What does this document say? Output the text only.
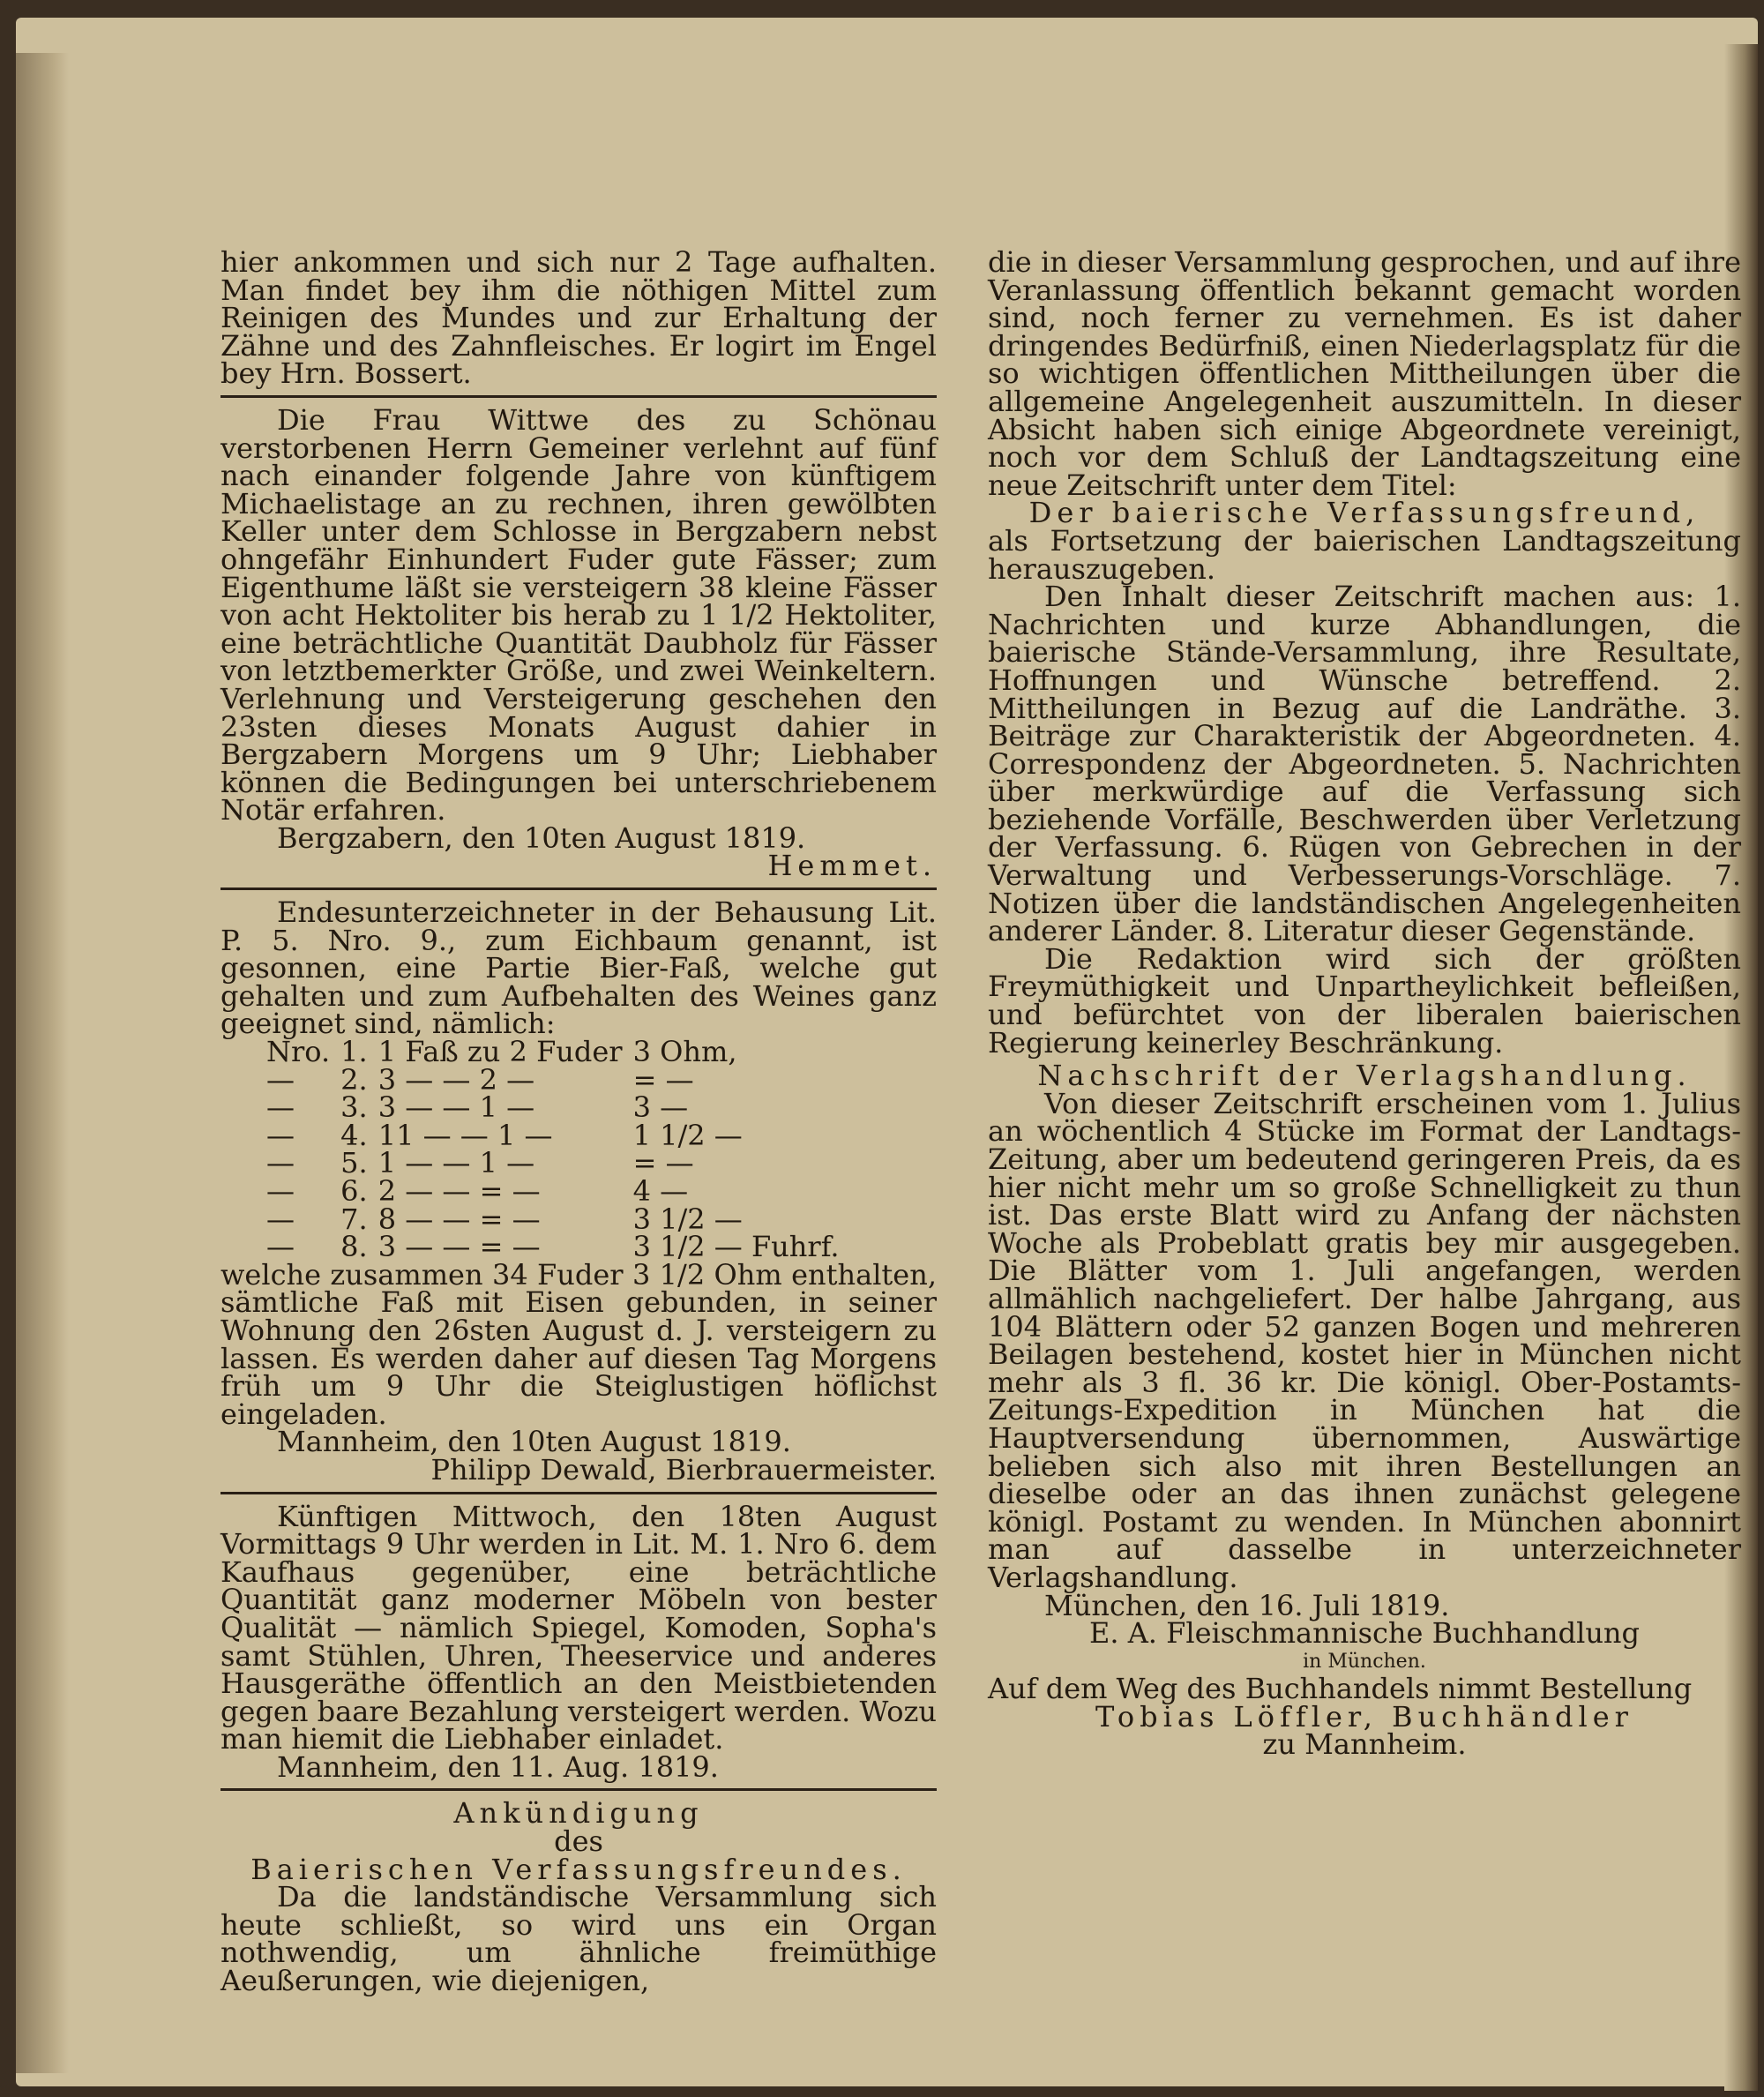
hier ankommen und sich nur 2 Tage aufhalten. Man findet bey ihm die nöthigen Mittel zum Reinigen des Mundes und zur Erhaltung der Zähne und des Zahnfleisches. Er logirt im Engel bey Hrn. Bossert.

Die Frau Wittwe des zu Schönau verstorbenen Herrn Gemeiner verlehnt auf fünf nach einander folgende Jahre von künftigem Michaelistage an zu rechnen, ihren gewölbten Keller unter dem Schlosse in Bergzabern nebst ohngefähr Einhundert Fuder gute Fässer; zum Eigenthume läßt sie versteigern 38 kleine Fässer von acht Hektoliter bis herab zu 1 1/2 Hektoliter, eine beträchtliche Quantität Daubholz für Fässer von letztbemerkter Größe, und zwei Weinkeltern. Verlehnung und Versteigerung geschehen den 23sten dieses Monats August dahier in Bergzabern Morgens um 9 Uhr; Liebhaber können die Bedingungen bei unterschriebenem Notär erfahren.

Bergzabern, den 10ten August 1819.

Hemmet.

Endesunterzeichneter in der Behausung Lit. P. 5. Nro. 9., zum Eichbaum genannt, ist gesonnen, eine Partie Bier-Faß, welche gut gehalten und zum Aufbehalten des Weines ganz geeignet sind, nämlich:

Nro.	1.	1 Faß zu 2 Fuder	3 Ohm,
—	2.	3 — — 2 —	= —
—	3.	3 — — 1 —	3 —
—	4.	11 — — 1 —	1 1/2 —
—	5.	1 — — 1 —	= —
—	6.	2 — — = —	4 —
—	7.	8 — — = —	3 1/2 —
—	8.	3 — — = —	3 1/2 — Fuhrf.

welche zusammen 34 Fuder 3 1/2 Ohm enthalten, sämtliche Faß mit Eisen gebunden, in seiner Wohnung den 26sten August d. J. versteigern zu lassen. Es werden daher auf diesen Tag Morgens früh um 9 Uhr die Steiglustigen höflichst eingeladen.

Mannheim, den 10ten August 1819.

Philipp Dewald, Bierbrauermeister.

Künftigen Mittwoch, den 18ten August Vormittags 9 Uhr werden in Lit. M. 1. Nro 6. dem Kaufhaus gegenüber, eine beträchtliche Quantität ganz moderner Möbeln von bester Qualität — nämlich Spiegel, Komoden, Sopha's samt Stühlen, Uhren, Theeservice und anderes Hausgeräthe öffentlich an den Meistbietenden gegen baare Bezahlung versteigert werden. Wozu man hiemit die Liebhaber einladet.

Mannheim, den 11. Aug. 1819.

Ankündigung

des

Baierischen Verfassungsfreundes.

Da die landständische Versammlung sich heute schließt, so wird uns ein Organ nothwendig, um ähnliche freimüthige Aeußerungen, wie diejenigen,

die in dieser Versammlung gesprochen, und auf ihre Veranlassung öffentlich bekannt gemacht worden sind, noch ferner zu vernehmen. Es ist daher dringendes Bedürfniß, einen Niederlagsplatz für die so wichtigen öffentlichen Mittheilungen über die allgemeine Angelegenheit auszumitteln. In dieser Absicht haben sich einige Abgeordnete vereinigt, noch vor dem Schluß der Landtagszeitung eine neue Zeitschrift unter dem Titel:

Der baierische Verfassungsfreund,

als Fortsetzung der baierischen Landtagszeitung herauszugeben.

Den Inhalt dieser Zeitschrift machen aus: 1. Nachrichten und kurze Abhandlungen, die baierische Stände-Versammlung, ihre Resultate, Hoffnungen und Wünsche betreffend. 2. Mittheilungen in Bezug auf die Landräthe. 3. Beiträge zur Charakteristik der Abgeordneten. 4. Correspondenz der Abgeordneten. 5. Nachrichten über merkwürdige auf die Verfassung sich beziehende Vorfälle, Beschwerden über Verletzung der Verfassung. 6. Rügen von Gebrechen in der Verwaltung und Verbesserungs-Vorschläge. 7. Notizen über die landständischen Angelegenheiten anderer Länder. 8. Literatur dieser Gegenstände.

Die Redaktion wird sich der größten Freymüthigkeit und Unpartheylichkeit befleißen, und befürchtet von der liberalen baierischen Regierung keinerley Beschränkung.

Nachschrift der Verlagshandlung.

Von dieser Zeitschrift erscheinen vom 1. Julius an wöchentlich 4 Stücke im Format der Landtags-Zeitung, aber um bedeutend geringeren Preis, da es hier nicht mehr um so große Schnelligkeit zu thun ist. Das erste Blatt wird zu Anfang der nächsten Woche als Probeblatt gratis bey mir ausgegeben. Die Blätter vom 1. Juli angefangen, werden allmählich nachgeliefert. Der halbe Jahrgang, aus 104 Blättern oder 52 ganzen Bogen und mehreren Beilagen bestehend, kostet hier in München nicht mehr als 3 fl. 36 kr. Die königl. Ober-Postamts-Zeitungs-Expedition in München hat die Hauptversendung übernommen, Auswärtige belieben sich also mit ihren Bestellungen an dieselbe oder an das ihnen zunächst gelegene königl. Postamt zu wenden. In München abonnirt man auf dasselbe in unterzeichneter Verlagshandlung.

München, den 16. Juli 1819.

E. A. Fleischmannische Buchhandlung

in München.

Auf dem Weg des Buchhandels nimmt Bestellung

Tobias Löffler, Buchhändler

zu Mannheim.
